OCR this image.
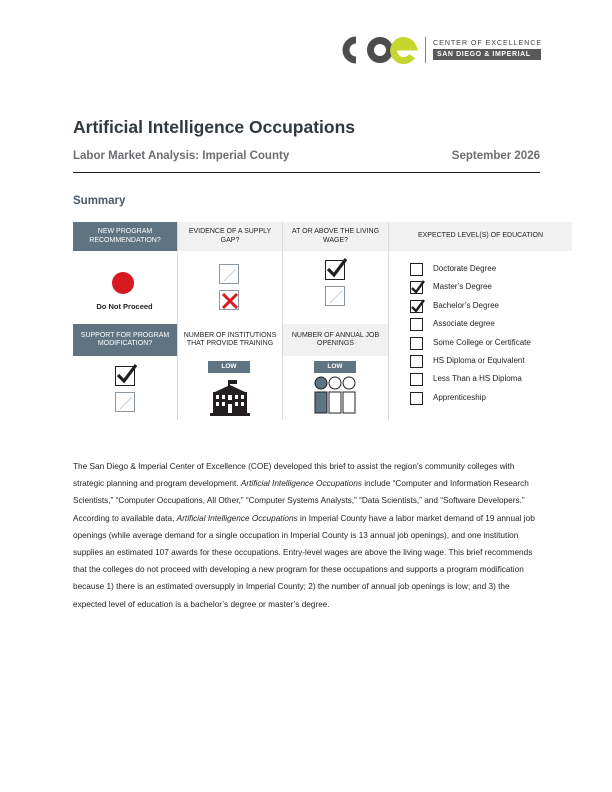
CENTER OF EXCELLENCE
SAN DIEGO & IMPERIAL
Artificial Intelligence Occupations
Labor Market Analysis: Imperial County	September 2026
Summary
NEW PROGRAM RECOMMENDATION?
EVIDENCE OF A SUPPLY GAP?
AT OR ABOVE THE LIVING WAGE?
EXPECTED LEVEL(S) OF EDUCATION
Do Not Proceed
SUPPORT FOR PROGRAM MODIFICATION?
NUMBER OF INSTITUTIONS THAT PROVIDE TRAINING
NUMBER OF ANNUAL JOB OPENINGS
LOW	LOW
Doctorate Degree
Master’s Degree
Bachelor’s Degree
Associate degree
Some College or Certificate
HS Diploma or Equivalent
Less Than a HS Diploma
Apprenticeship

The San Diego & Imperial Center of Excellence (COE) developed this brief to assist the region’s community colleges with strategic planning and program development. Artificial Intelligence Occupations include “Computer and Information Research Scientists,” “Computer Occupations, All Other,” “Computer Systems Analysts,” “Data Scientists,” and “Software Developers.” According to available data, Artificial Intelligence Occupations in Imperial County have a labor market demand of 19 annual job openings (while average demand for a single occupation in Imperial County is 13 annual job openings), and one institution supplies an estimated 107 awards for these occupations. Entry-level wages are above the living wage. This brief recommends that the colleges do not proceed with developing a new program for these occupations and supports a program modification because 1) there is an estimated oversupply in Imperial County; 2) the number of annual job openings is low; and 3) the expected level of education is a bachelor’s degree or master’s degree.
